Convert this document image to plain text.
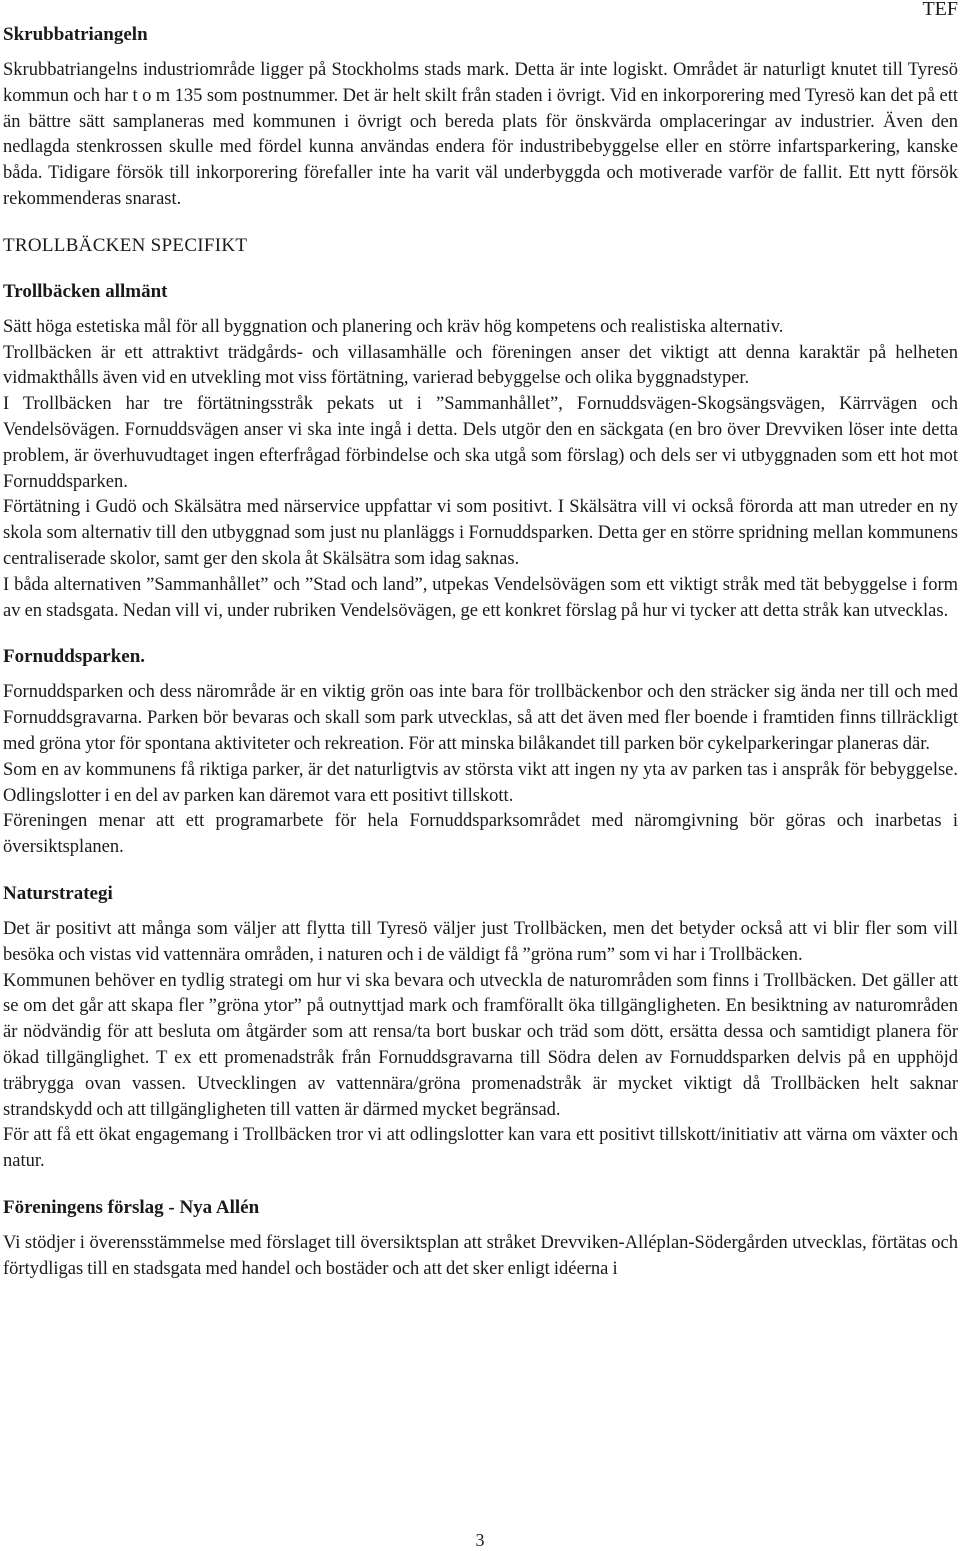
TEF

Skrubbatriangeln

Skrubbatriangelns industriområde ligger på Stockholms stads mark. Detta är inte logiskt. Området är naturligt knutet till Tyresö kommun och har t o m 135 som postnummer. Det är helt skilt från staden i övrigt. Vid en inkorporering med Tyresö kan det på ett än bättre sätt samplaneras med kommunen i övrigt och bereda plats för önskvärda omplaceringar av industrier. Även den nedlagda stenkrossen skulle med fördel kunna användas endera för industribebyggelse eller en större infartsparkering, kanske båda. Tidigare försök till inkorporering förefaller inte ha varit väl underbyggda och motiverade varför de fallit. Ett nytt försök rekommenderas snarast.

TROLLBÄCKEN SPECIFIKT

Trollbäcken allmänt

Sätt höga estetiska mål för all byggnation och planering och kräv hög kompetens och realistiska alternativ.

Trollbäcken är ett attraktivt trädgårds- och villasamhälle och föreningen anser det viktigt att denna karaktär på helheten vidmakthålls även vid en utvekling mot viss förtätning, varierad bebyggelse och olika byggnadstyper.

I Trollbäcken har tre förtätningsstråk pekats ut i ”Sammanhållet”, Fornuddsvägen-Skogsängsvägen, Kärrvägen och Vendelsövägen. Fornuddsvägen anser vi ska inte ingå i detta. Dels utgör den en säckgata (en bro över Drevviken löser inte detta problem, är överhuvudtaget ingen efterfrågad förbindelse och ska utgå som förslag) och dels ser vi utbyggnaden som ett hot mot Fornuddsparken.

Förtätning i Gudö och Skälsätra med närservice uppfattar vi som positivt. I Skälsätra vill vi också förorda att man utreder en ny skola som alternativ till den utbyggnad som just nu planläggs i Fornuddsparken. Detta ger en större spridning mellan kommunens centraliserade skolor, samt ger den skola åt Skälsätra som idag saknas.

I båda alternativen ”Sammanhållet” och ”Stad och land”, utpekas Vendelsövägen som ett viktigt stråk med tät bebyggelse i form av en stadsgata. Nedan vill vi, under rubriken Vendelsövägen, ge ett konkret förslag på hur vi tycker att detta stråk kan utvecklas.

Fornuddsparken.

Fornuddsparken och dess närområde är en viktig grön oas inte bara för trollbäckenbor och den sträcker sig ända ner till och med Fornuddsgravarna. Parken bör bevaras och skall som park utvecklas, så att det även med fler boende i framtiden finns tillräckligt med gröna ytor för spontana aktiviteter och rekreation. För att minska bilåkandet till parken bör cykelparkeringar planeras där.

Som en av kommunens få riktiga parker, är det naturligtvis av största vikt att ingen ny yta av parken tas i anspråk för bebyggelse. Odlingslotter i en del av parken kan däremot vara ett positivt tillskott.

Föreningen menar att ett programarbete för hela Fornuddsparksområdet med näromgivning bör göras och inarbetas i översiktsplanen.

Naturstrategi

Det är positivt att många som väljer att flytta till Tyresö väljer just Trollbäcken, men det betyder också att vi blir fler som vill besöka och vistas vid vattennära områden, i naturen och i de väldigt få ”gröna rum” som vi har i Trollbäcken.

Kommunen behöver en tydlig strategi om hur vi ska bevara och utveckla de naturområden som finns i Trollbäcken. Det gäller att se om det går att skapa fler ”gröna ytor” på outnyttjad mark och framförallt öka tillgängligheten. En besiktning av naturområden är nödvändig för att besluta om åtgärder som att rensa/ta bort buskar och träd som dött, ersätta dessa och samtidigt planera för ökad tillgänglighet. T ex ett promenadstråk från Fornuddsgravarna till Södra delen av Fornuddsparken delvis på en upphöjd träbrygga ovan vassen. Utvecklingen av vattennära/gröna promenadstråk är mycket viktigt då Trollbäcken helt saknar strandskydd och att tillgängligheten till vatten är därmed mycket begränsad.

För att få ett ökat engagemang i Trollbäcken tror vi att odlingslotter kan vara ett positivt tillskott/initiativ att värna om växter och natur.

Föreningens förslag - Nya Allén

Vi stödjer i överensstämmelse med förslaget till översiktsplan att stråket Drevviken-Alléplan-Södergården utvecklas, förtätas och förtydligas till en stadsgata med handel och bostäder och att det sker enligt idéerna i

3
